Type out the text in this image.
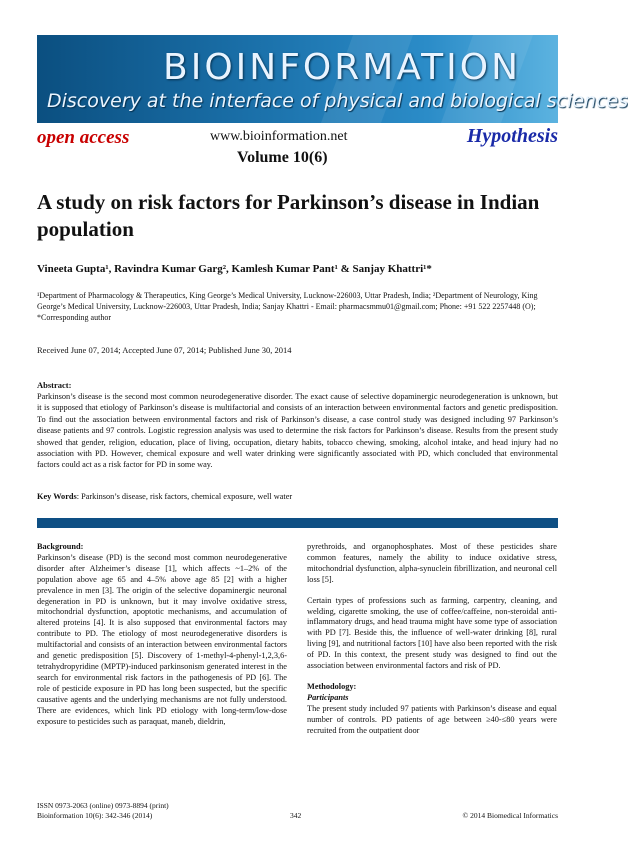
BIOINFORMATION
Discovery at the interface of physical and biological sciences
open access	www.bioinformation.net	Hypothesis
Volume 10(6)
A study on risk factors for Parkinson’s disease in Indian population
Vineeta Gupta¹, Ravindra Kumar Garg², Kamlesh Kumar Pant¹ & Sanjay Khattri¹*
¹Department of Pharmacology & Therapeutics, King George’s Medical University, Lucknow-226003, Uttar Pradesh, India; ²Department of Neurology, King George’s Medical University, Lucknow-226003, Uttar Pradesh, India; Sanjay Khattri - Email: pharmacsmmu01@gmail.com; Phone: +91 522 2257448 (O); *Corresponding author
Received June 07, 2014; Accepted June 07, 2014; Published June 30, 2014
Abstract:
Parkinson’s disease is the second most common neurodegenerative disorder. The exact cause of selective dopaminergic neurodegeneration is unknown, but it is supposed that etiology of Parkinson’s disease is multifactorial and consists of an interaction between environmental factors and genetic predisposition. To find out the association between environmental factors and risk of Parkinson’s disease, a case control study was designed including 97 Parkinson’s disease patients and 97 controls. Logistic regression analysis was used to determine the risk factors for Parkinson’s disease. Results from the present study showed that gender, religion, education, place of living, occupation, dietary habits, tobacco chewing, smoking, alcohol intake, and head injury had no association with PD. However, chemical exposure and well water drinking were significantly associated with PD, which concluded that environmental factors could act as a risk factor for PD in some way.
Key Words: Parkinson’s disease, risk factors, chemical exposure, well water
Background:

Parkinson’s disease (PD) is the second most common neurodegenerative disorder after Alzheimer’s disease [1], which affects ~1–2% of the population above age 65 and 4–5% above age 85 [2] with a higher prevalence in men [3]. The origin of the selective dopaminergic neuronal degeneration in PD is unknown, but it may involve oxidative stress, mitochondrial dysfunction, apoptotic mechanisms, and accumulation of altered proteins [4]. It is also supposed that environmental factors may contribute to PD. The etiology of most neurodegenerative disorders is multifactorial and consists of an interaction between environmental factors and genetic predisposition [5]. Discovery of 1-methyl-4-phenyl-1,2,3,6-tetrahydropyridine (MPTP)-induced parkinsonism generated interest in the search for environmental risk factors in the pathogenesis of PD [6]. The role of pesticide exposure in PD has long been suspected, but the specific causative agents and the underlying mechanisms are not fully understood. There are evidences, which link PD etiology with long-term/low-dose exposure to pesticides such as paraquat, maneb, dieldrin,

pyrethroids, and organophosphates. Most of these pesticides share common features, namely the ability to induce oxidative stress, mitochondrial dysfunction, alpha-synuclein fibrillization, and neuronal cell loss [5].

Certain types of professions such as farming, carpentry, cleaning, and welding, cigarette smoking, the use of coffee/caffeine, non-steroidal anti-inflammatory drugs, and head trauma might have some type of association with PD [7]. Beside this, the influence of well-water drinking [8], rural living [9], and nutritional factors [10] have also been reported with the risk of PD. In this context, the present study was designed to find out the association between environmental factors and risk of PD.

Methodology:
Participants

The present study included 97 patients with Parkinson’s disease and equal number of controls. PD patients of age between ≥40-≤80 years were recruited from the outpatient door

ISSN 0973-2063 (online) 0973-8894 (print)
Bioinformation 10(6): 342-346 (2014)	342	© 2014 Biomedical Informatics
